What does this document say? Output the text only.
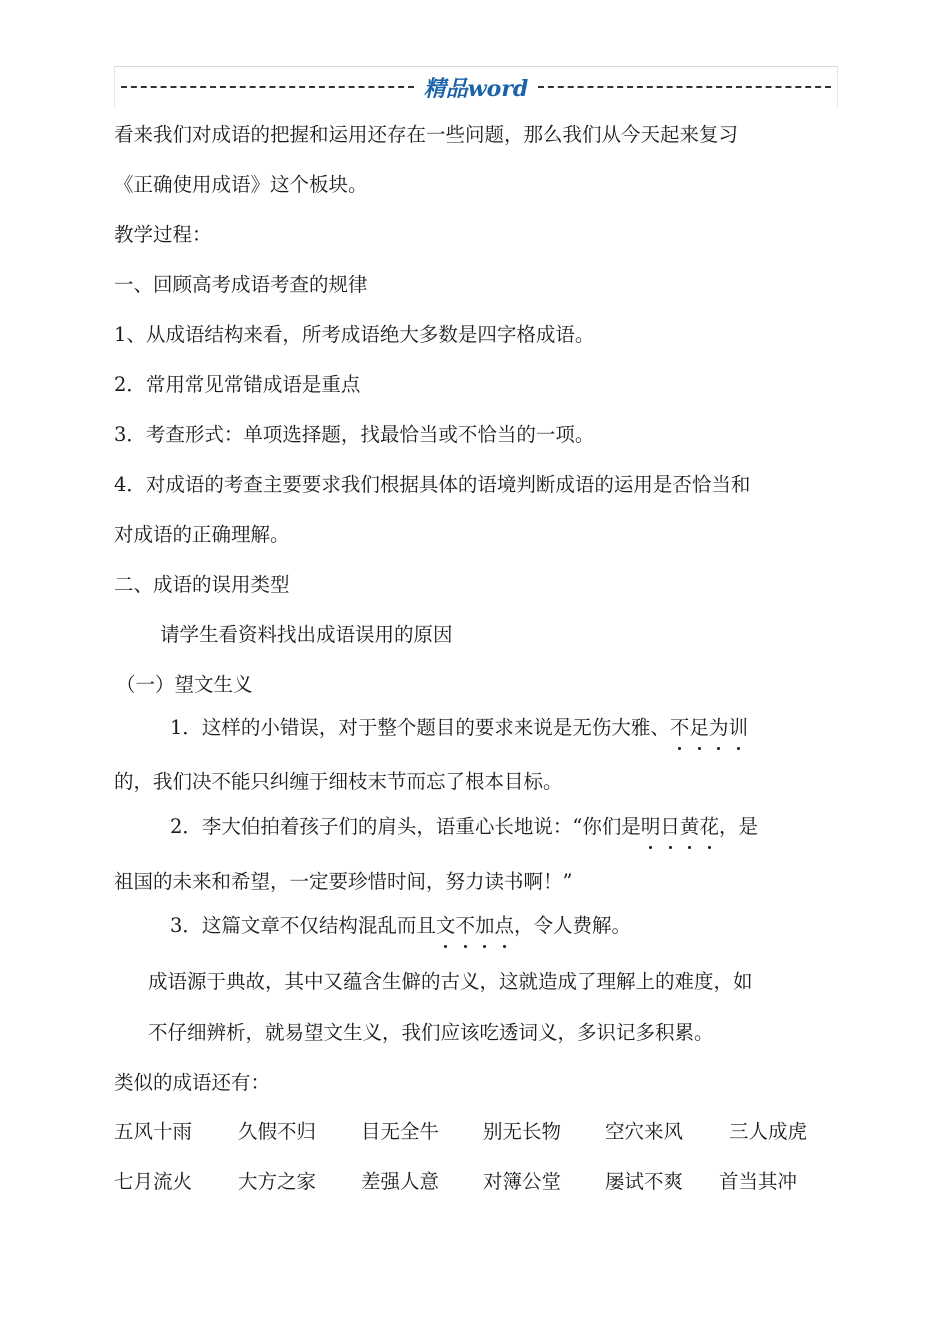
精品word
看来我们对成语的把握和运用还存在一些问题，那么我们从今天起来复习
《正确使用成语》这个板块。
教学过程：
一、回顾高考成语考查的规律
1、从成语结构来看，所考成语绝大多数是四字格成语。
2．常用常见常错成语是重点
3．考查形式：单项选择题，找最恰当或不恰当的一项。
4．对成语的考查主要要求我们根据具体的语境判断成语的运用是否恰当和
对成语的正确理解。
二、成语的误用类型
请学生看资料找出成语误用的原因
（一）望文生义
1．这样的小错误，对于整个题目的要求来说是无伤大雅、不足为训
的，我们决不能只纠缠于细枝末节而忘了根本目标。
2．李大伯拍着孩子们的肩头，语重心长地说：“你们是明日黄花，是
祖国的未来和希望，一定要珍惜时间，努力读书啊！”
3．这篇文章不仅结构混乱而且文不加点，令人费解。
成语源于典故，其中又蕴含生僻的古义，这就造成了理解上的难度，如
不仔细辨析，就易望文生义，我们应该吃透词义，多识记多积累。
类似的成语还有：
五风十雨 久假不归 目无全牛 别无长物 空穴来风 三人成虎
七月流火 大方之家 差强人意 对簿公堂 屡试不爽 首当其冲
